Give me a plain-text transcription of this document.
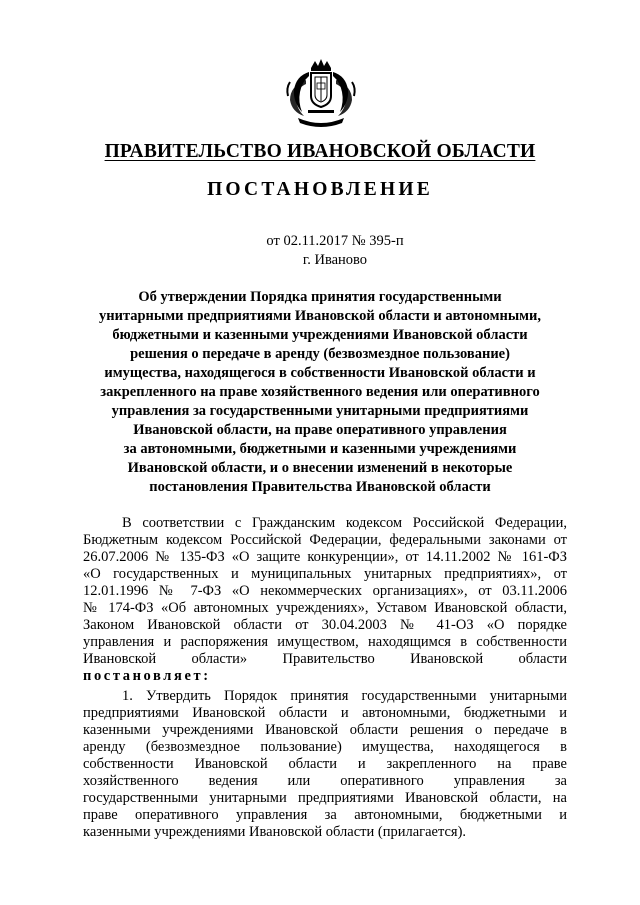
ПРАВИТЕЛЬСТВО ИВАНОВСКОЙ ОБЛАСТИ
ПОСТАНОВЛЕНИЕ
от 02.11.2017 № 395-п
г. Иваново
Об утверждении Порядка принятия государственными
унитарными предприятиями Ивановской области и автономными,
бюджетными и казенными учреждениями Ивановской области
решения о передаче в аренду (безвозмездное пользование)
имущества, находящегося в собственности Ивановской области и
закрепленного на праве хозяйственного ведения или оперативного
управления за государственными унитарными предприятиями
Ивановской области, на праве оперативного управления
за автономными, бюджетными и казенными учреждениями
Ивановской области, и о внесении изменений в некоторые
постановления Правительства Ивановской области
В соответствии с Гражданским кодексом Российской Федерации,
Бюджетным кодексом Российской Федерации, федеральными законами от
26.07.2006 № 135-ФЗ «О защите конкуренции», от 14.11.2002 № 161-ФЗ
«О государственных и муниципальных унитарных предприятиях», от
12.01.1996 № 7-ФЗ «О некоммерческих организациях», от 03.11.2006
№ 174-ФЗ «Об автономных учреждениях», Уставом Ивановской области,
Законом Ивановской области от 30.04.2003 № 41-ОЗ «О порядке
управления и распоряжения имуществом, находящимся в собственности
Ивановской области» Правительство Ивановской области
постановляет:
1. Утвердить Порядок принятия государственными унитарными
предприятиями Ивановской области и автономными, бюджетными и
казенными учреждениями Ивановской области решения о передаче в
аренду (безвозмездное пользование) имущества, находящегося в
собственности Ивановской области и закрепленного на праве
хозяйственного ведения или оперативного управления за
государственными унитарными предприятиями Ивановской области, на
праве оперативного управления за автономными, бюджетными и
казенными учреждениями Ивановской области (прилагается).
